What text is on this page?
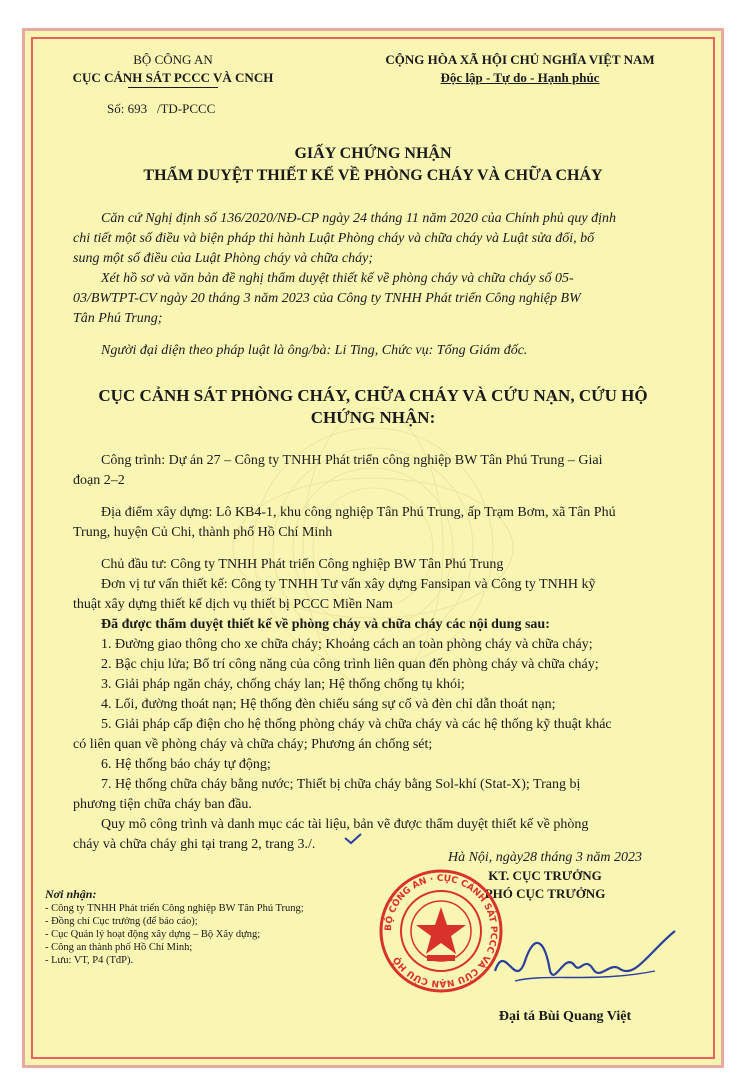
BỘ CÔNG AN
CỤC CẢNH SÁT PCCC VÀ CNCH
Số: 693 /TD-PCCC
CỘNG HÒA XÃ HỘI CHỦ NGHĨA VIỆT NAM
Độc lập - Tự do - Hạnh phúc
GIẤY CHỨNG NHẬN
THẨM DUYỆT THIẾT KẾ VỀ PHÒNG CHÁY VÀ CHỮA CHÁY
Căn cứ Nghị định số 136/2020/NĐ-CP ngày 24 tháng 11 năm 2020 của Chính phủ quy định
chi tiết một số điều và biện pháp thi hành Luật Phòng cháy và chữa cháy và Luật sửa đổi, bổ
sung một số điều của Luật Phòng cháy và chữa cháy;
Xét hồ sơ và văn bản đề nghị thẩm duyệt thiết kế về phòng cháy và chữa cháy số 05-
03/BWTPT-CV ngày 20 tháng 3 năm 2023 của Công ty TNHH Phát triển Công nghiệp BW
Tân Phú Trung;
Người đại diện theo pháp luật là ông/bà: Li Ting, Chức vụ: Tổng Giám đốc.
CỤC CẢNH SÁT PHÒNG CHÁY, CHỮA CHÁY VÀ CỨU NẠN, CỨU HỘ
CHỨNG NHẬN:
Công trình: Dự án 27 – Công ty TNHH Phát triển công nghiệp BW Tân Phú Trung – Giai
đoạn 2–2
Địa điểm xây dựng: Lô KB4-1, khu công nghiệp Tân Phú Trung, ấp Trạm Bơm, xã Tân Phú
Trung, huyện Củ Chi, thành phố Hồ Chí Minh
Chủ đầu tư: Công ty TNHH Phát triển Công nghiệp BW Tân Phú Trung
Đơn vị tư vấn thiết kế: Công ty TNHH Tư vấn xây dựng Fansipan và Công ty TNHH kỹ
thuật xây dựng thiết kế dịch vụ thiết bị PCCC Miền Nam
Đã được thẩm duyệt thiết kế về phòng cháy và chữa cháy các nội dung sau:
1. Đường giao thông cho xe chữa cháy; Khoảng cách an toàn phòng cháy và chữa cháy;
2. Bậc chịu lửa; Bố trí công năng của công trình liên quan đến phòng cháy và chữa cháy;
3. Giải pháp ngăn cháy, chống cháy lan; Hệ thống chống tụ khói;
4. Lối, đường thoát nạn; Hệ thống đèn chiếu sáng sự cố và đèn chỉ dẫn thoát nạn;
5. Giải pháp cấp điện cho hệ thống phòng cháy và chữa cháy và các hệ thống kỹ thuật khác
có liên quan về phòng cháy và chữa cháy; Phương án chống sét;
6. Hệ thống báo cháy tự động;
7. Hệ thống chữa cháy bằng nước; Thiết bị chữa cháy bằng Sol-khí (Stat-X); Trang bị
phương tiện chữa cháy ban đầu.
Quy mô công trình và danh mục các tài liệu, bản vẽ được thẩm duyệt thiết kế về phòng
cháy và chữa cháy ghi tại trang 2, trang 3./.
Hà Nội, ngày28 tháng 3 năm 2023
KT. CỤC TRƯỞNG
PHÓ CỤC TRƯỞNG
Nơi nhận:
- Công ty TNHH Phát triển Công nghiệp BW Tân Phú Trung;
- Đồng chí Cục trưởng (để báo cáo);
- Cục Quản lý hoạt động xây dựng – Bộ Xây dựng;
- Công an thành phố Hồ Chí Minh;
- Lưu: VT, P4 (TđP).
BỘ CÔNG AN · CỤC CẢNH SÁT PCCC VÀ CỨU NẠN CỨU HỘ
Đại tá Bùi Quang Việt
